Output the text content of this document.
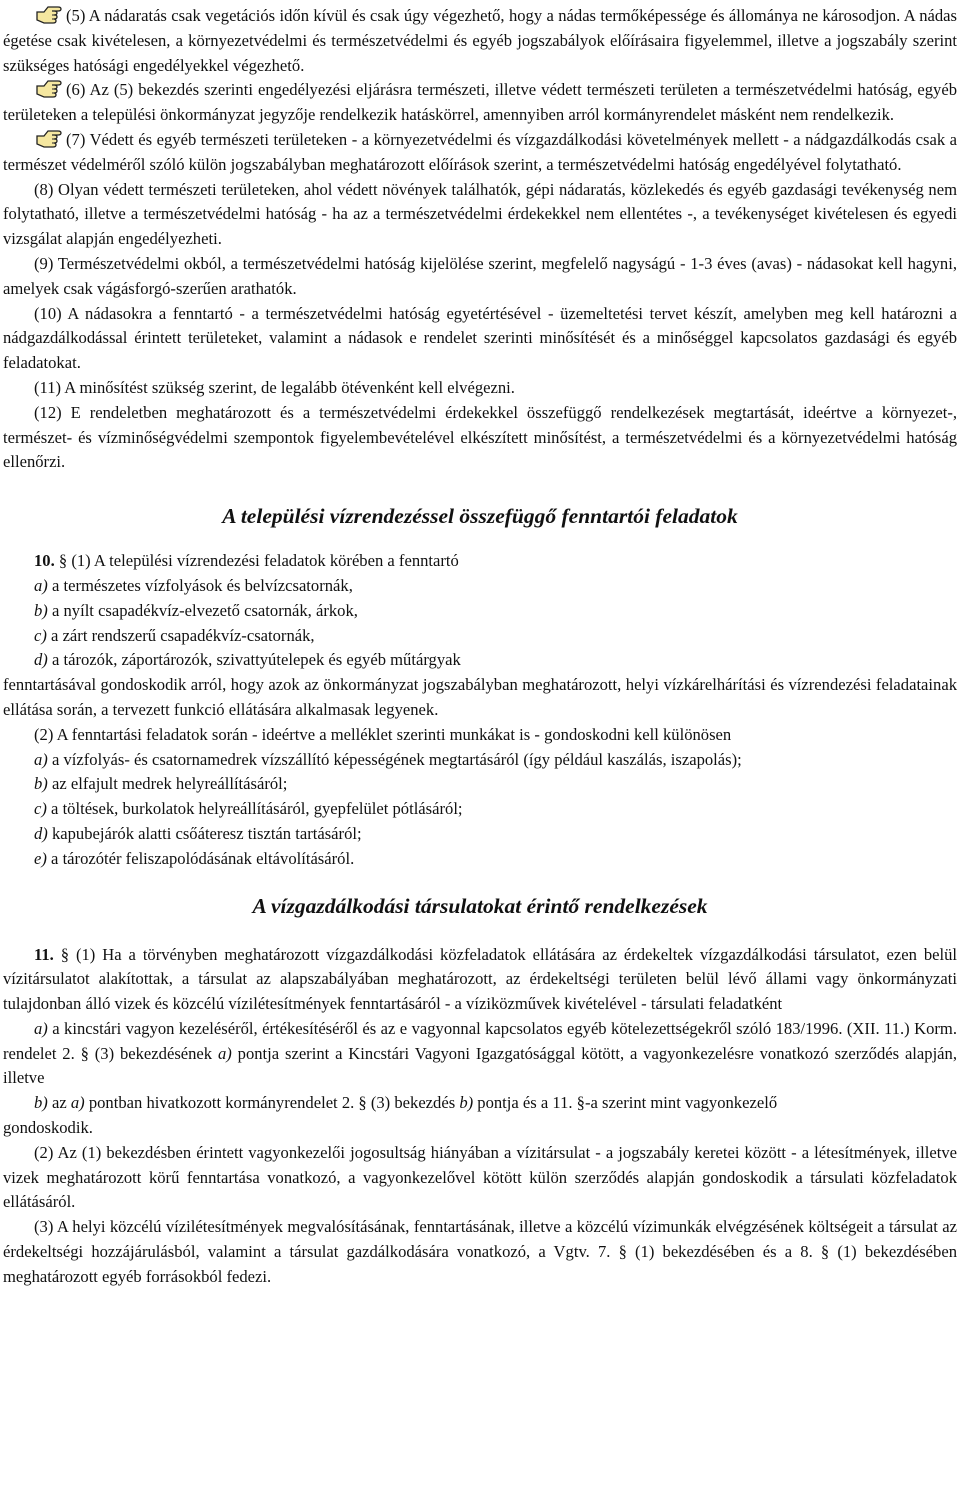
(5) A nádaratás csak vegetációs időn kívül és csak úgy végezhető, hogy a nádas termőképessége és állománya ne károsodjon. A nádas égetése csak kivételesen, a környezetvédelmi és természetvédelmi és egyéb jogszabályok előírásaira figyelemmel, illetve a jogszabály szerint szükséges hatósági engedélyekkel végezhető.

(6) Az (5) bekezdés szerinti engedélyezési eljárásra természeti, illetve védett természeti területen a természetvédelmi hatóság, egyéb területeken a települési önkormányzat jegyzője rendelkezik hatáskörrel, amennyiben arról kormányrendelet másként nem rendelkezik.

(7) Védett és egyéb természeti területeken - a környezetvédelmi és vízgazdálkodási követelmények mellett - a nádgazdálkodás csak a természet védelméről szóló külön jogszabályban meghatározott előírások szerint, a természetvédelmi hatóság engedélyével folytatható.

(8) Olyan védett természeti területeken, ahol védett növények találhatók, gépi nádaratás, közlekedés és egyéb gazdasági tevékenység nem folytatható, illetve a természetvédelmi hatóság - ha az a természetvédelmi érdekekkel nem ellentétes -, a tevékenységet kivételesen és egyedi vizsgálat alapján engedélyezheti.

(9) Természetvédelmi okból, a természetvédelmi hatóság kijelölése szerint, megfelelő nagyságú - 1-3 éves (avas) - nádasokat kell hagyni, amelyek csak vágásforgó-szerűen arathatók.

(10) A nádasokra a fenntartó - a természetvédelmi hatóság egyetértésével - üzemeltetési tervet készít, amelyben meg kell határozni a nádgazdálkodással érintett területeket, valamint a nádasok e rendelet szerinti minősítését és a minőséggel kapcsolatos gazdasági és egyéb feladatokat.

(11) A minősítést szükség szerint, de legalább ötévenként kell elvégezni.

(12) E rendeletben meghatározott és a természetvédelmi érdekekkel összefüggő rendelkezések megtartását, ideértve a környezet-, természet- és vízminőségvédelmi szempontok figyelembevételével elkészített minősítést, a természetvédelmi és a környezetvédelmi hatóság ellenőrzi.

A települési vízrendezéssel összefüggő fenntartói feladatok

10. § (1) A települési vízrendezési feladatok körében a fenntartó

a) a természetes vízfolyások és belvízcsatornák,

b) a nyílt csapadékvíz-elvezető csatornák, árkok,

c) a zárt rendszerű csapadékvíz-csatornák,

d) a tározók, záportározók, szivattyútelepek és egyéb műtárgyak

fenntartásával gondoskodik arról, hogy azok az önkormányzat jogszabályban meghatározott, helyi vízkárelhárítási és vízrendezési feladatainak ellátása során, a tervezett funkció ellátására alkalmasak legyenek.

(2) A fenntartási feladatok során - ideértve a melléklet szerinti munkákat is - gondoskodni kell különösen

a) a vízfolyás- és csatornamedrek vízszállító képességének megtartásáról (így például kaszálás, iszapolás);

b) az elfajult medrek helyreállításáról;

c) a töltések, burkolatok helyreállításáról, gyepfelület pótlásáról;

d) kapubejárók alatti csőáteresz tisztán tartásáról;

e) a tározótér feliszapolódásának eltávolításáról.

A vízgazdálkodási társulatokat érintő rendelkezések

11. § (1) Ha a törvényben meghatározott vízgazdálkodási közfeladatok ellátására az érdekeltek vízgazdálkodási társulatot, ezen belül vízitársulatot alakítottak, a társulat az alapszabályában meghatározott, az érdekeltségi területen belül lévő állami vagy önkormányzati tulajdonban álló vizek és közcélú vízilétesítmények fenntartásáról - a víziközművek kivételével - társulati feladatként

a) a kincstári vagyon kezeléséről, értékesítéséről és az e vagyonnal kapcsolatos egyéb kötelezettségekről szóló 183/1996. (XII. 11.) Korm. rendelet 2. § (3) bekezdésének a) pontja szerint a Kincstári Vagyoni Igazgatósággal kötött, a vagyonkezelésre vonatkozó szerződés alapján, illetve

b) az a) pontban hivatkozott kormányrendelet 2. § (3) bekezdés b) pontja és a 11. §-a szerint mint vagyonkezelő

gondoskodik.

(2) Az (1) bekezdésben érintett vagyonkezelői jogosultság hiányában a vízitársulat - a jogszabály keretei között - a létesítmények, illetve vizek meghatározott körű fenntartása vonatkozó, a vagyonkezelővel kötött külön szerződés alapján gondoskodik a társulati közfeladatok ellátásáról.

(3) A helyi közcélú vízilétesítmények megvalósításának, fenntartásának, illetve a közcélú vízimunkák elvégzésének költségeit a társulat az érdekeltségi hozzájárulásból, valamint a társulat gazdálkodására vonatkozó, a Vgtv. 7. § (1) bekezdésében és a 8. § (1) bekezdésében meghatározott egyéb forrásokból fedezi.
